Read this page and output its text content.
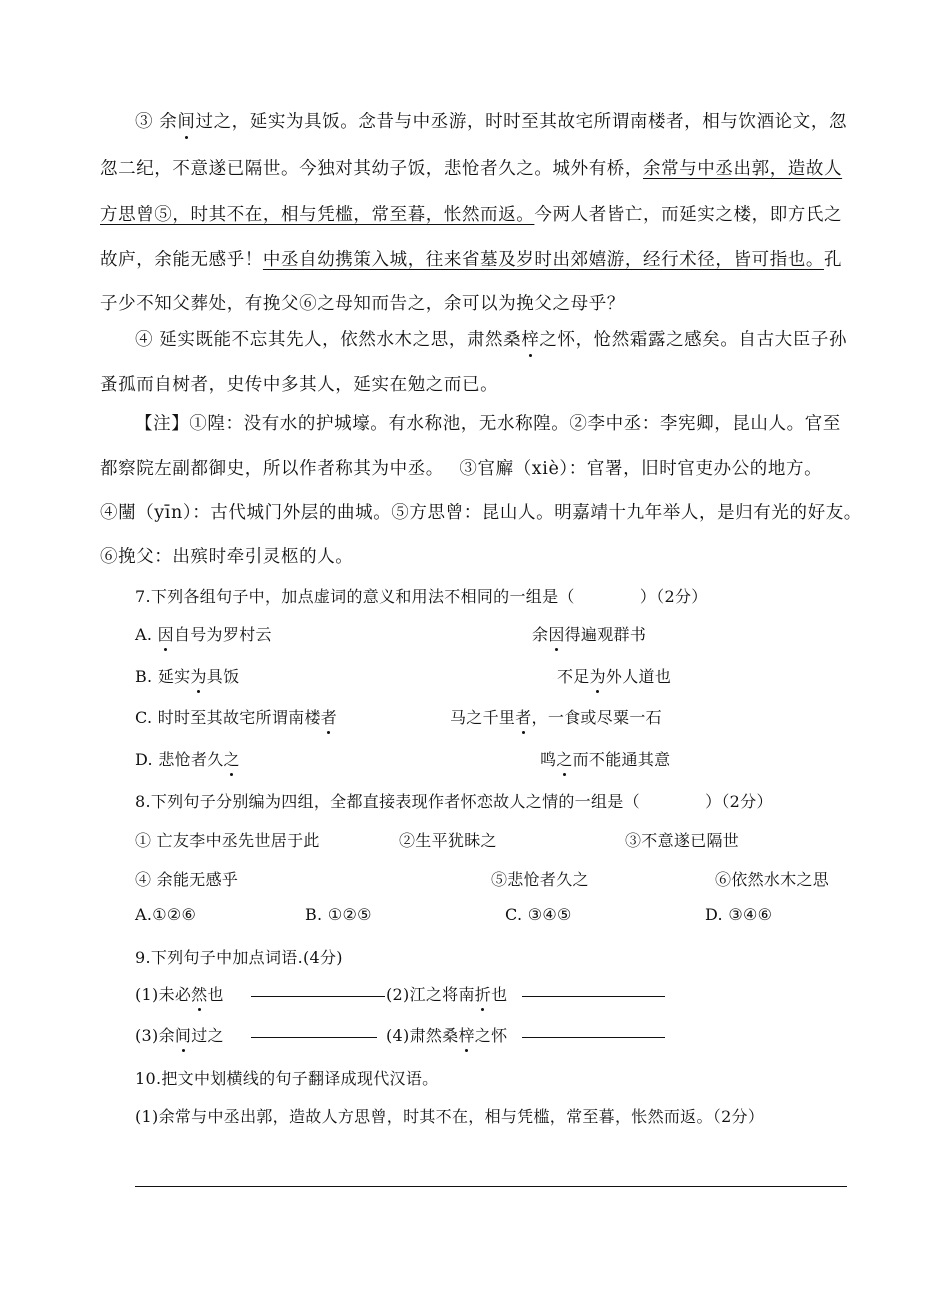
③ 余间过之，延实为具饭。念昔与中丞游，时时至其故宅所谓南楼者，相与饮酒论文，忽
忽二纪，不意遂已隔世。今独对其幼子饭，悲怆者久之。城外有桥，余常与中丞出郭，造故人
方思曾⑤，时其不在，相与凭槛，常至暮，怅然而返。今两人者皆亡，而延实之楼，即方氏之
故庐，余能无感乎！中丞自幼携策入城，往来省墓及岁时出郊嬉游，经行术径，皆可指也。孔
子少不知父葬处，有挽父⑥之母知而告之，余可以为挽父之母乎？
④ 延实既能不忘其先人，依然水木之思，肃然桑梓之怀，怆然霜露之感矣。自古大臣子孙
蚤孤而自树者，史传中多其人，延实在勉之而已。
【注】①隍：没有水的护城壕。有水称池，无水称隍。②李中丞：李宪卿，昆山人。官至
都察院左副都御史，所以作者称其为中丞。　 ③官廨（xiè）：官署，旧时官吏办公的地方。
④闉（yīn）：古代城门外层的曲城。⑤方思曾：昆山人。明嘉靖十九年举人，是归有光的好友。
⑥挽父：出殡时牵引灵柩的人。
7.下列各组句子中，加点虚词的意义和用法不相同的一组是（　　　　）（2分）
A. 因自号为罗村云	余因得遍观群书
B. 延实为具饭	不足为外人道也
C. 时时至其故宅所谓南楼者	马之千里者，一食或尽粟一石
D. 悲怆者久之	鸣之而不能通其意
8.下列句子分别编为四组，全都直接表现作者怀恋故人之情的一组是（　　　　）（2分）
① 亡友李中丞先世居于此	②生平犹眛之	③不意遂已隔世
④ 余能无感乎	⑤悲怆者久之	⑥依然水木之思
A.①②⑥	B. ①②⑤	C. ③④⑤	D. ③④⑥
9.下列句子中加点词语.(4分)
(1)未必然也	(2)江之将南折也
(3)余间过之	(4)肃然桑梓之怀
10.把文中划横线的句子翻译成现代汉语。
(1)余常与中丞出郭，造故人方思曾，时其不在，相与凭槛，常至暮，怅然而返。（2分）
